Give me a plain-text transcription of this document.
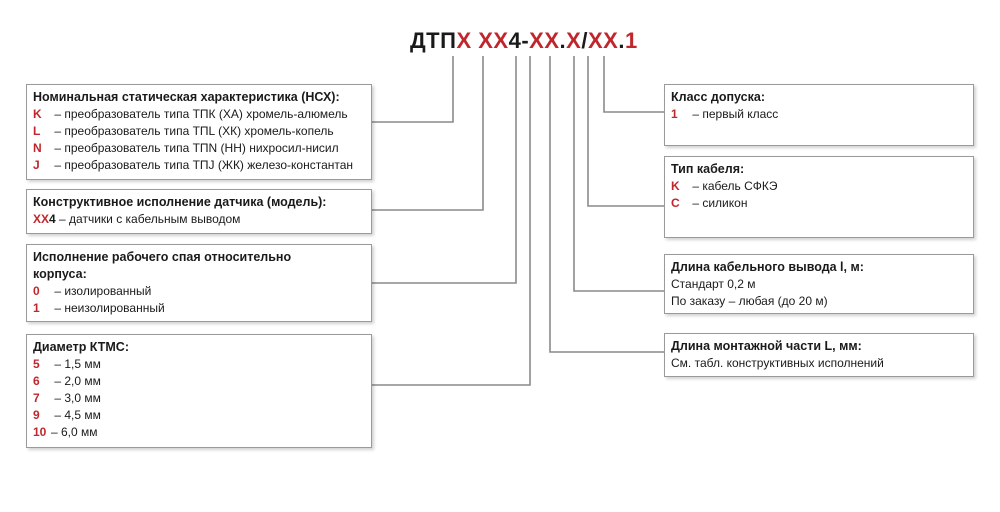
ДТПX XX4-XX.X/XX.1
Номинальная статическая характеристика (НСХ):
K – преобразователь типа ТПК (ХА) хромель-алюмель
L – преобразователь типа ТПL (ХК) хромель-копель
N – преобразователь типа ТПN (НН) нихросил-нисил
J – преобразователь типа ТПJ (ЖК) железо-константан
Конструктивное исполнение датчика (модель):
XX4 – датчики с кабельным выводом
Исполнение рабочего спая относительно корпуса:
0 – изолированный
1 – неизолированный
Диаметр КТМС:
5 – 1,5 мм
6 – 2,0 мм
7 – 3,0 мм
9 – 4,5 мм
10 – 6,0 мм
Класс допуска:
1 – первый класс
Тип кабеля:
K – кабель СФКЭ
C – силикон
Длина кабельного вывода l, м:
Стандарт 0,2 м
По заказу – любая (до 20 м)
Длина монтажной части L, мм:
См. табл. конструктивных исполнений
